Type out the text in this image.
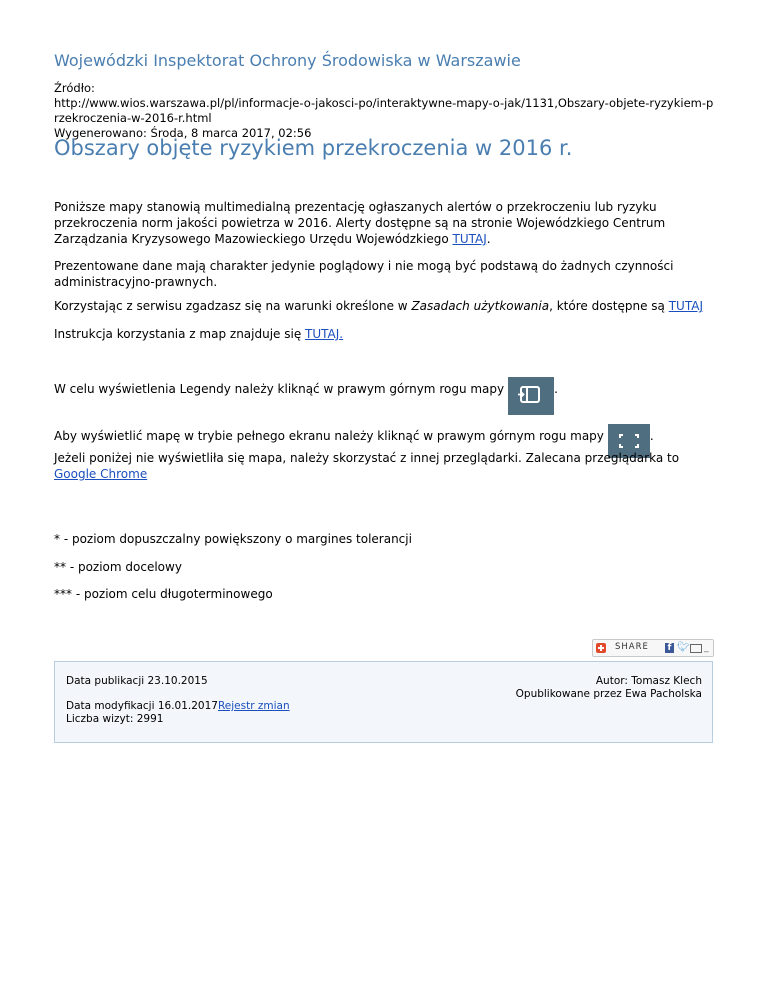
Wojewódzki Inspektorat Ochrony Środowiska w Warszawie
Źródło:
http://www.wios.warszawa.pl/pl/informacje-o-jakosci-po/interaktywne-mapy-o-jak/1131,Obszary-objete-ryzykiem-przekroczenia-w-2016-r.html
Wygenerowano: Środa, 8 marca 2017, 02:56
Obszary objęte ryzykiem przekroczenia w 2016 r.

Poniższe mapy stanowią multimedialną prezentację ogłaszanych alertów o przekroczeniu lub ryzyku przekroczenia norm jakości powietrza w 2016. Alerty dostępne są na stronie Wojewódzkiego Centrum Zarządzania Kryzysowego Mazowieckiego Urzędu Wojewódzkiego TUTAJ.

Prezentowane dane mają charakter jedynie poglądowy i nie mogą być podstawą do żadnych czynności administracyjno-prawnych.

Korzystając z serwisu zgadzasz się na warunki określone w Zasadach użytkowania, które dostępne są TUTAJ

Instrukcja korzystania z map znajduje się TUTAJ.

W celu wyświetlenia Legendy należy kliknąć w prawym górnym rogu mapy	.

Aby wyświetlić mapę w trybie pełnego ekranu należy kliknąć w prawym górnym rogu mapy	.

Jeżeli poniżej nie wyświetliła się mapa, należy skorzystać z innej przeglądarki. Zalecana przeglądarka to Google Chrome

* - poziom dopuszczalny powiększony o margines tolerancji

** - poziom docelowy

*** - poziom celu długoterminowego

SHARE f 🐦︎ _
Data publikacji 23.10.2015
Data modyfikacji 16.01.2017Rejestr zmian
Liczba wizyt: 2991
Autor: Tomasz Klech
Opublikowane przez Ewa Pacholska
